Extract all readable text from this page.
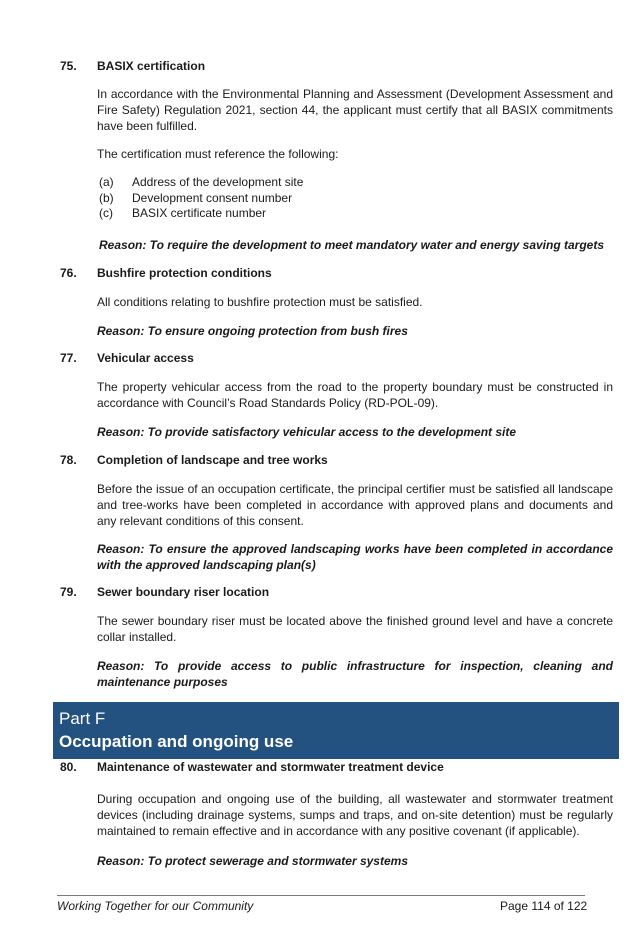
75. BASIX certification
In accordance with the Environmental Planning and Assessment (Development Assessment and Fire Safety) Regulation 2021, section 44, the applicant must certify that all BASIX commitments have been fulfilled.
The certification must reference the following:
(a) Address of the development site
(b) Development consent number
(c) BASIX certificate number
Reason: To require the development to meet mandatory water and energy saving targets
76. Bushfire protection conditions
All conditions relating to bushfire protection must be satisfied.
Reason: To ensure ongoing protection from bush fires
77. Vehicular access
The property vehicular access from the road to the property boundary must be constructed in accordance with Council’s Road Standards Policy (RD-POL-09).
Reason: To provide satisfactory vehicular access to the development site
78. Completion of landscape and tree works
Before the issue of an occupation certificate, the principal certifier must be satisfied all landscape and tree-works have been completed in accordance with approved plans and documents and any relevant conditions of this consent.
Reason: To ensure the approved landscaping works have been completed in accordance with the approved landscaping plan(s)
79. Sewer boundary riser location
The sewer boundary riser must be located above the finished ground level and have a concrete collar installed.
Reason: To provide access to public infrastructure for inspection, cleaning and maintenance purposes
Part F
Occupation and ongoing use
80. Maintenance of wastewater and stormwater treatment device
During occupation and ongoing use of the building, all wastewater and stormwater treatment devices (including drainage systems, sumps and traps, and on-site detention) must be regularly maintained to remain effective and in accordance with any positive covenant (if applicable).
Reason: To protect sewerage and stormwater systems
Working Together for our Community	Page 114 of 122
